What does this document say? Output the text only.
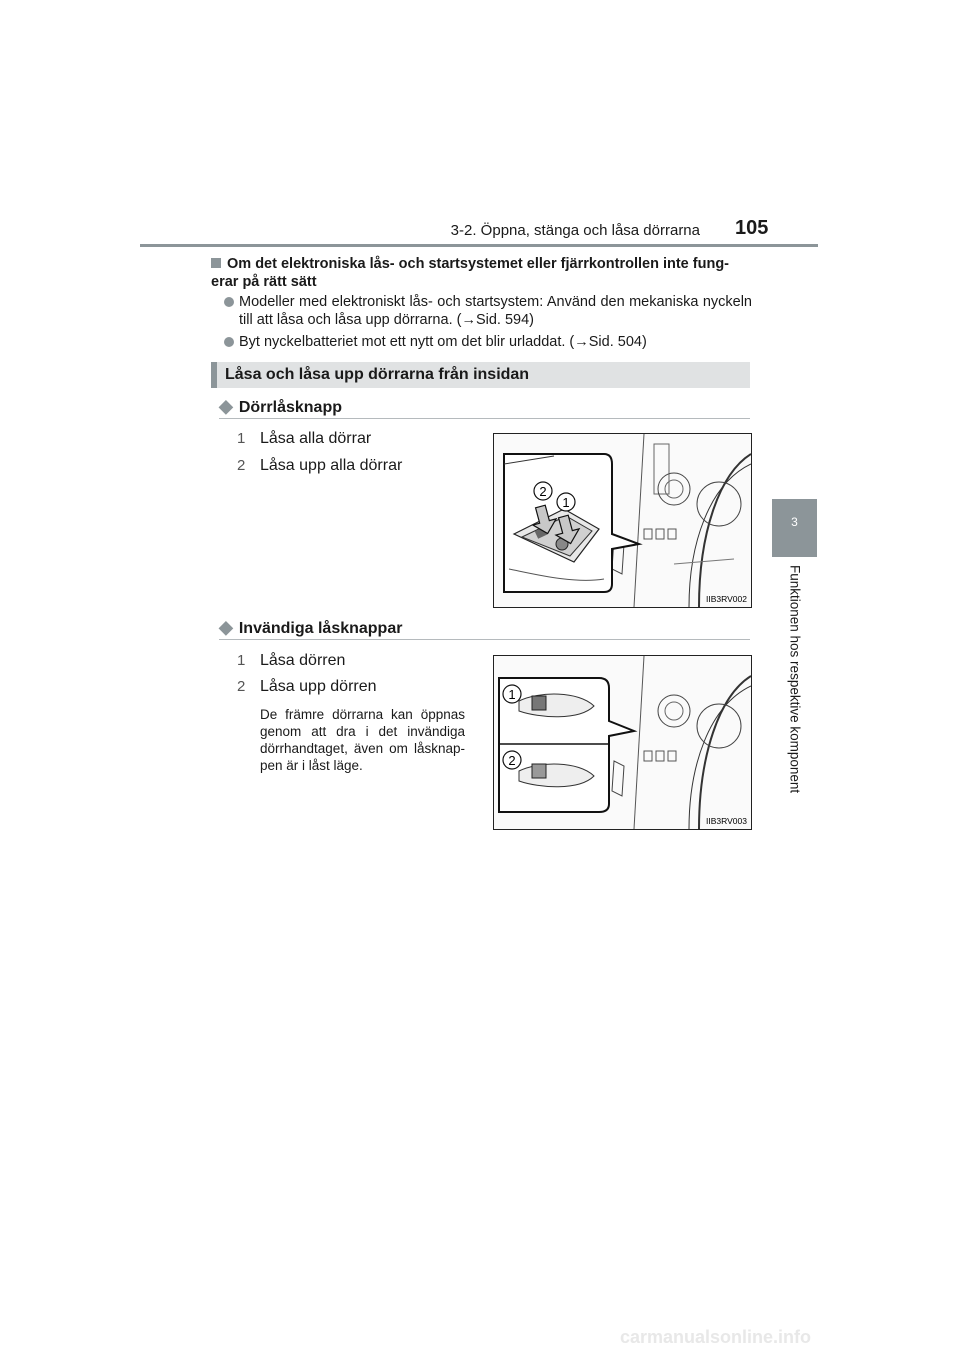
3-2. Öppna, stänga och låsa dörrarna 105
3
Funktionen hos respektive komponent
Om det elektroniska lås- och startsystemet eller fjärrkontrollen inte fung-erar på rätt sätt
Modeller med elektroniskt lås- och startsystem: Använd den mekaniska nyckeln till att låsa och låsa upp dörrarna. (→Sid. 594)
Byt nyckelbatteriet mot ett nytt om det blir urladdat. (→Sid. 504)
Låsa och låsa upp dörrarna från insidan
◆ Dörrlåsknapp
1 Låsa alla dörrar
2 Låsa upp alla dörrar
2
1
IIB3RV002
◆ Invändiga låsknappar
1 Låsa dörren
2 Låsa upp dörren
De främre dörrarna kan öppnas genom att dra i det invändiga dörrhandtaget, även om låsknap-pen är i låst läge.
1
2
IIB3RV003
carmanualsonline.info
